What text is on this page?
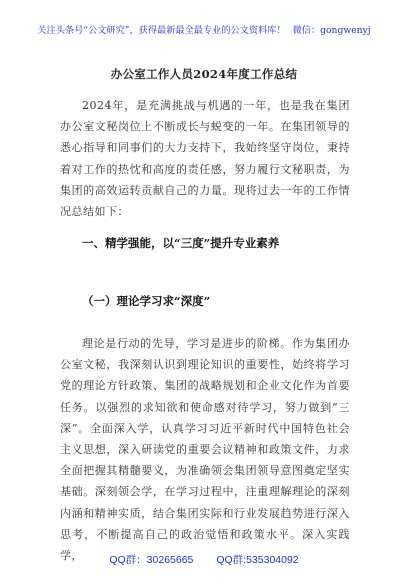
关注头条号“公文研究”，获得最新最全最专业的公文资料库！ 微信：gongwenyj
办公室工作人员2024年度工作总结
2024年，是充满挑战与机遇的一年，也是我在集团办公室文秘岗位上不断成长与蜕变的一年。在集团领导的悉心指导和同事们的大力支持下，我始终坚守岗位，秉持着对工作的热忱和高度的责任感，努力履行文秘职责，为集团的高效运转贡献自己的力量。现将过去一年的工作情况总结如下：
一、精学强能，以“三度”提升专业素养
（一）理论学习求“深度”
理论是行动的先导，学习是进步的阶梯。作为集团办公室文秘，我深刻认识到理论知识的重要性，始终将学习党的理论方针政策、集团的战略规划和企业文化作为首要任务。以强烈的求知欲和使命感对待学习，努力做到“三深”。全面深入学，认真学习习近平新时代中国特色社会主义思想，深入研读党的重要会议精神和政策文件，力求全面把握其精髓要义，为准确领会集团领导意图奠定坚实基础。深刻领会学，在学习过程中，注重理解理论的深刻内涵和精神实质，结合集团实际和行业发展趋势进行深入思考，不断提高自己的政治觉悟和政策水平。深入实践学，	QQ群：30265665 QQ群:535304092
